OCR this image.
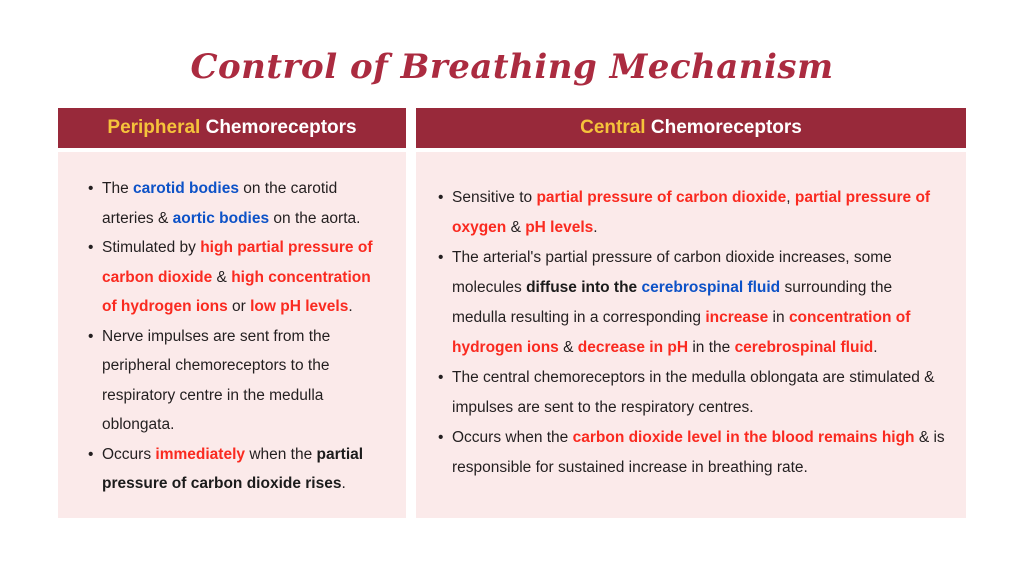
Control of Breathing Mechanism
Peripheral Chemoreceptors
• The carotid bodies on the carotid arteries & aortic bodies on the aorta.
• Stimulated by high partial pressure of carbon dioxide & high concentration of hydrogen ions or low pH levels.
• Nerve impulses are sent from the peripheral chemoreceptors to the respiratory centre in the medulla oblongata.
• Occurs immediately when the partial pressure of carbon dioxide rises.
Central Chemoreceptors
• Sensitive to partial pressure of carbon dioxide, partial pressure of oxygen & pH levels.
• The arterial's partial pressure of carbon dioxide increases, some molecules diffuse into the cerebrospinal fluid surrounding the medulla resulting in a corresponding increase in concentration of hydrogen ions & decrease in pH in the cerebrospinal fluid.
• The central chemoreceptors in the medulla oblongata are stimulated & impulses are sent to the respiratory centres.
• Occurs when the carbon dioxide level in the blood remains high & is responsible for sustained increase in breathing rate.
